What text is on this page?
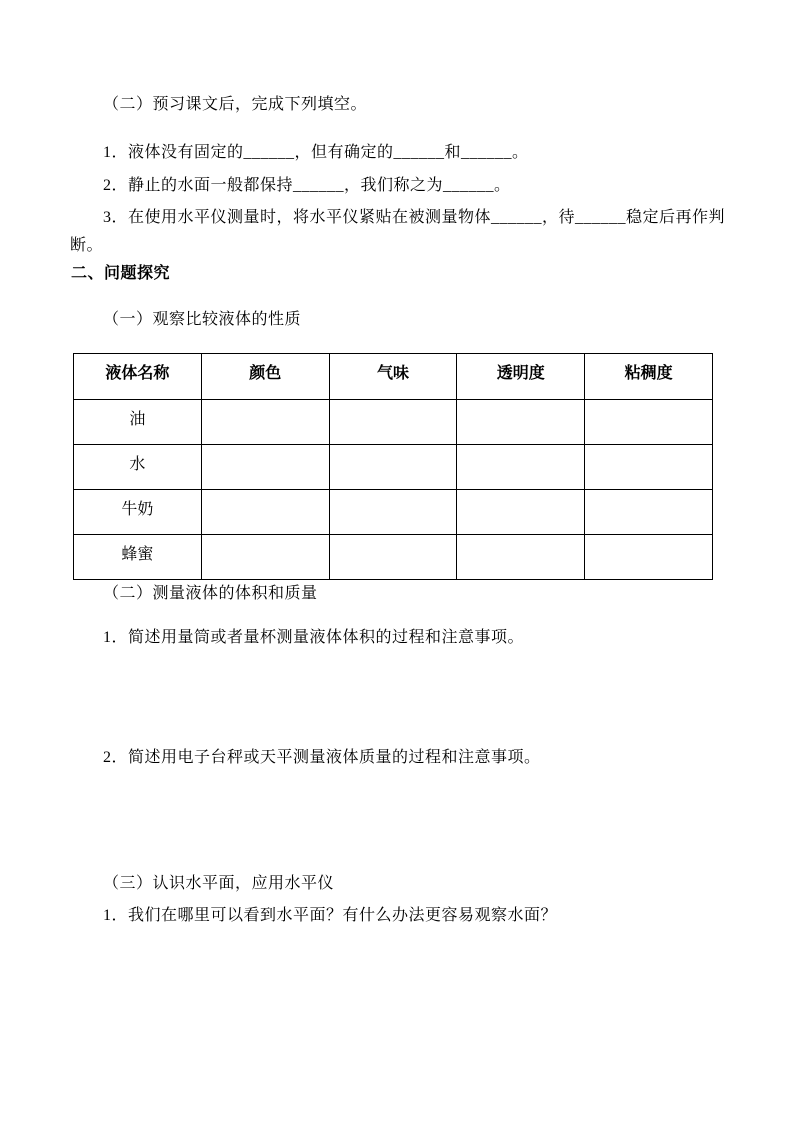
（二）预习课文后，完成下列填空。

1．液体没有固定的______，但有确定的______和______。

2．静止的水面一般都保持______，我们称之为______。

3．在使用水平仪测量时，将水平仪紧贴在被测量物体______，待______稳定后再作判

断。

二、问题探究

（一）观察比较液体的性质

液体名称	颜色	气味	透明度	粘稠度
油				
水				
牛奶				
蜂蜜				

（二）测量液体的体积和质量

1．简述用量筒或者量杯测量液体体积的过程和注意事项。

2．简述用电子台秤或天平测量液体质量的过程和注意事项。

（三）认识水平面，应用水平仪

1．我们在哪里可以看到水平面？有什么办法更容易观察水面？
